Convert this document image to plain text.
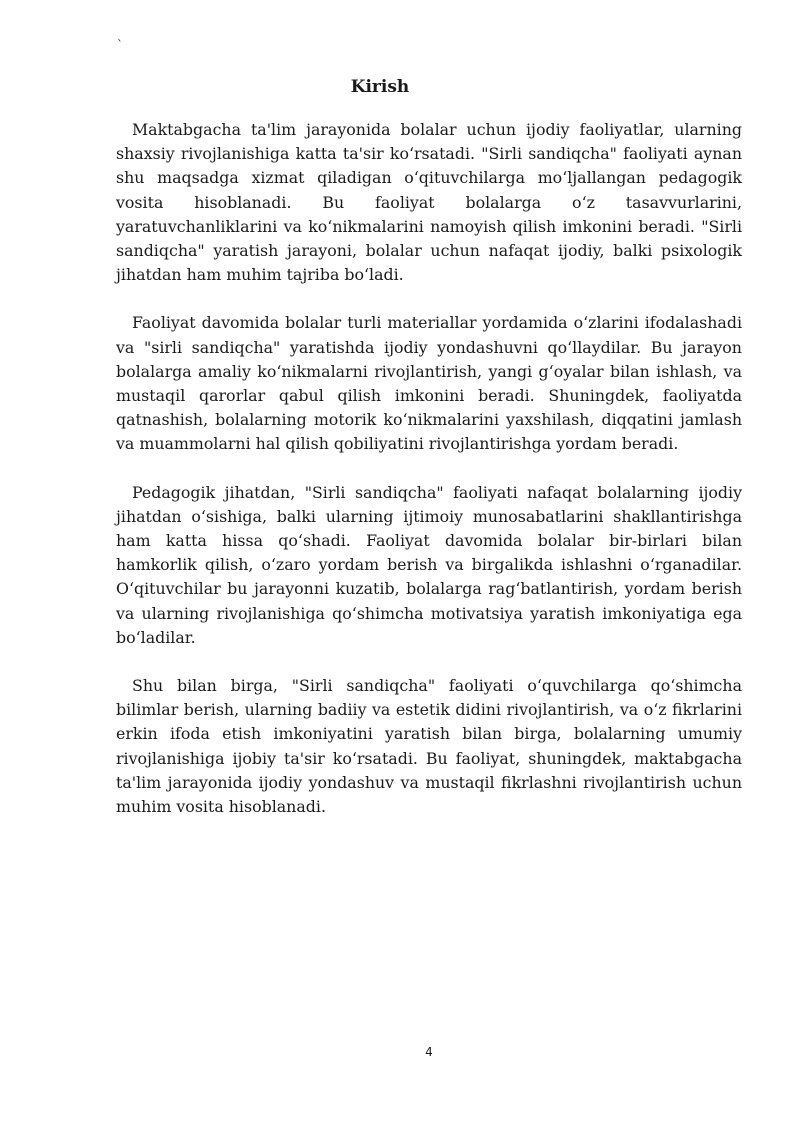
`
Kirish

Maktabgacha ta'lim jarayonida bolalar uchun ijodiy faoliyatlar, ularning shaxsiy rivojlanishiga katta ta'sir ko‘rsatadi. "Sirli sandiqcha" faoliyati aynan shu maqsadga xizmat qiladigan o‘qituvchilarga mo‘ljallangan pedagogik vosita hisoblanadi. Bu faoliyat bolalarga o‘z tasavvurlarini, yaratuvchanliklarini va ko‘nikmalarini namoyish qilish imkonini beradi. "Sirli sandiqcha" yaratish jarayoni, bolalar uchun nafaqat ijodiy, balki psixologik jihatdan ham muhim tajriba bo‘ladi.

Faoliyat davomida bolalar turli materiallar yordamida o‘zlarini ifodalashadi va "sirli sandiqcha" yaratishda ijodiy yondashuvni qo‘llaydilar. Bu jarayon bolalarga amaliy ko‘nikmalarni rivojlantirish, yangi g‘oyalar bilan ishlash, va mustaqil qarorlar qabul qilish imkonini beradi. Shuningdek, faoliyatda qatnashish, bolalarning motorik ko‘nikmalarini yaxshilash, diqqatini jamlash va muammolarni hal qilish qobiliyatini rivojlantirishga yordam beradi.

Pedagogik jihatdan, "Sirli sandiqcha" faoliyati nafaqat bolalarning ijodiy jihatdan o‘sishiga, balki ularning ijtimoiy munosabatlarini shakllantirishga ham katta hissa qo‘shadi. Faoliyat davomida bolalar bir-birlari bilan hamkorlik qilish, o‘zaro yordam berish va birgalikda ishlashni o‘rganadilar. O‘qituvchilar bu jarayonni kuzatib, bolalarga rag‘batlantirish, yordam berish va ularning rivojlanishiga qo‘shimcha motivatsiya yaratish imkoniyatiga ega bo‘ladilar.

Shu bilan birga, "Sirli sandiqcha" faoliyati o‘quvchilarga qo‘shimcha bilimlar berish, ularning badiiy va estetik didini rivojlantirish, va o‘z fikrlarini erkin ifoda etish imkoniyatini yaratish bilan birga, bolalarning umumiy rivojlanishiga ijobiy ta'sir ko‘rsatadi. Bu faoliyat, shuningdek, maktabgacha ta'lim jarayonida ijodiy yondashuv va mustaqil fikrlashni rivojlantirish uchun muhim vosita hisoblanadi.

4
